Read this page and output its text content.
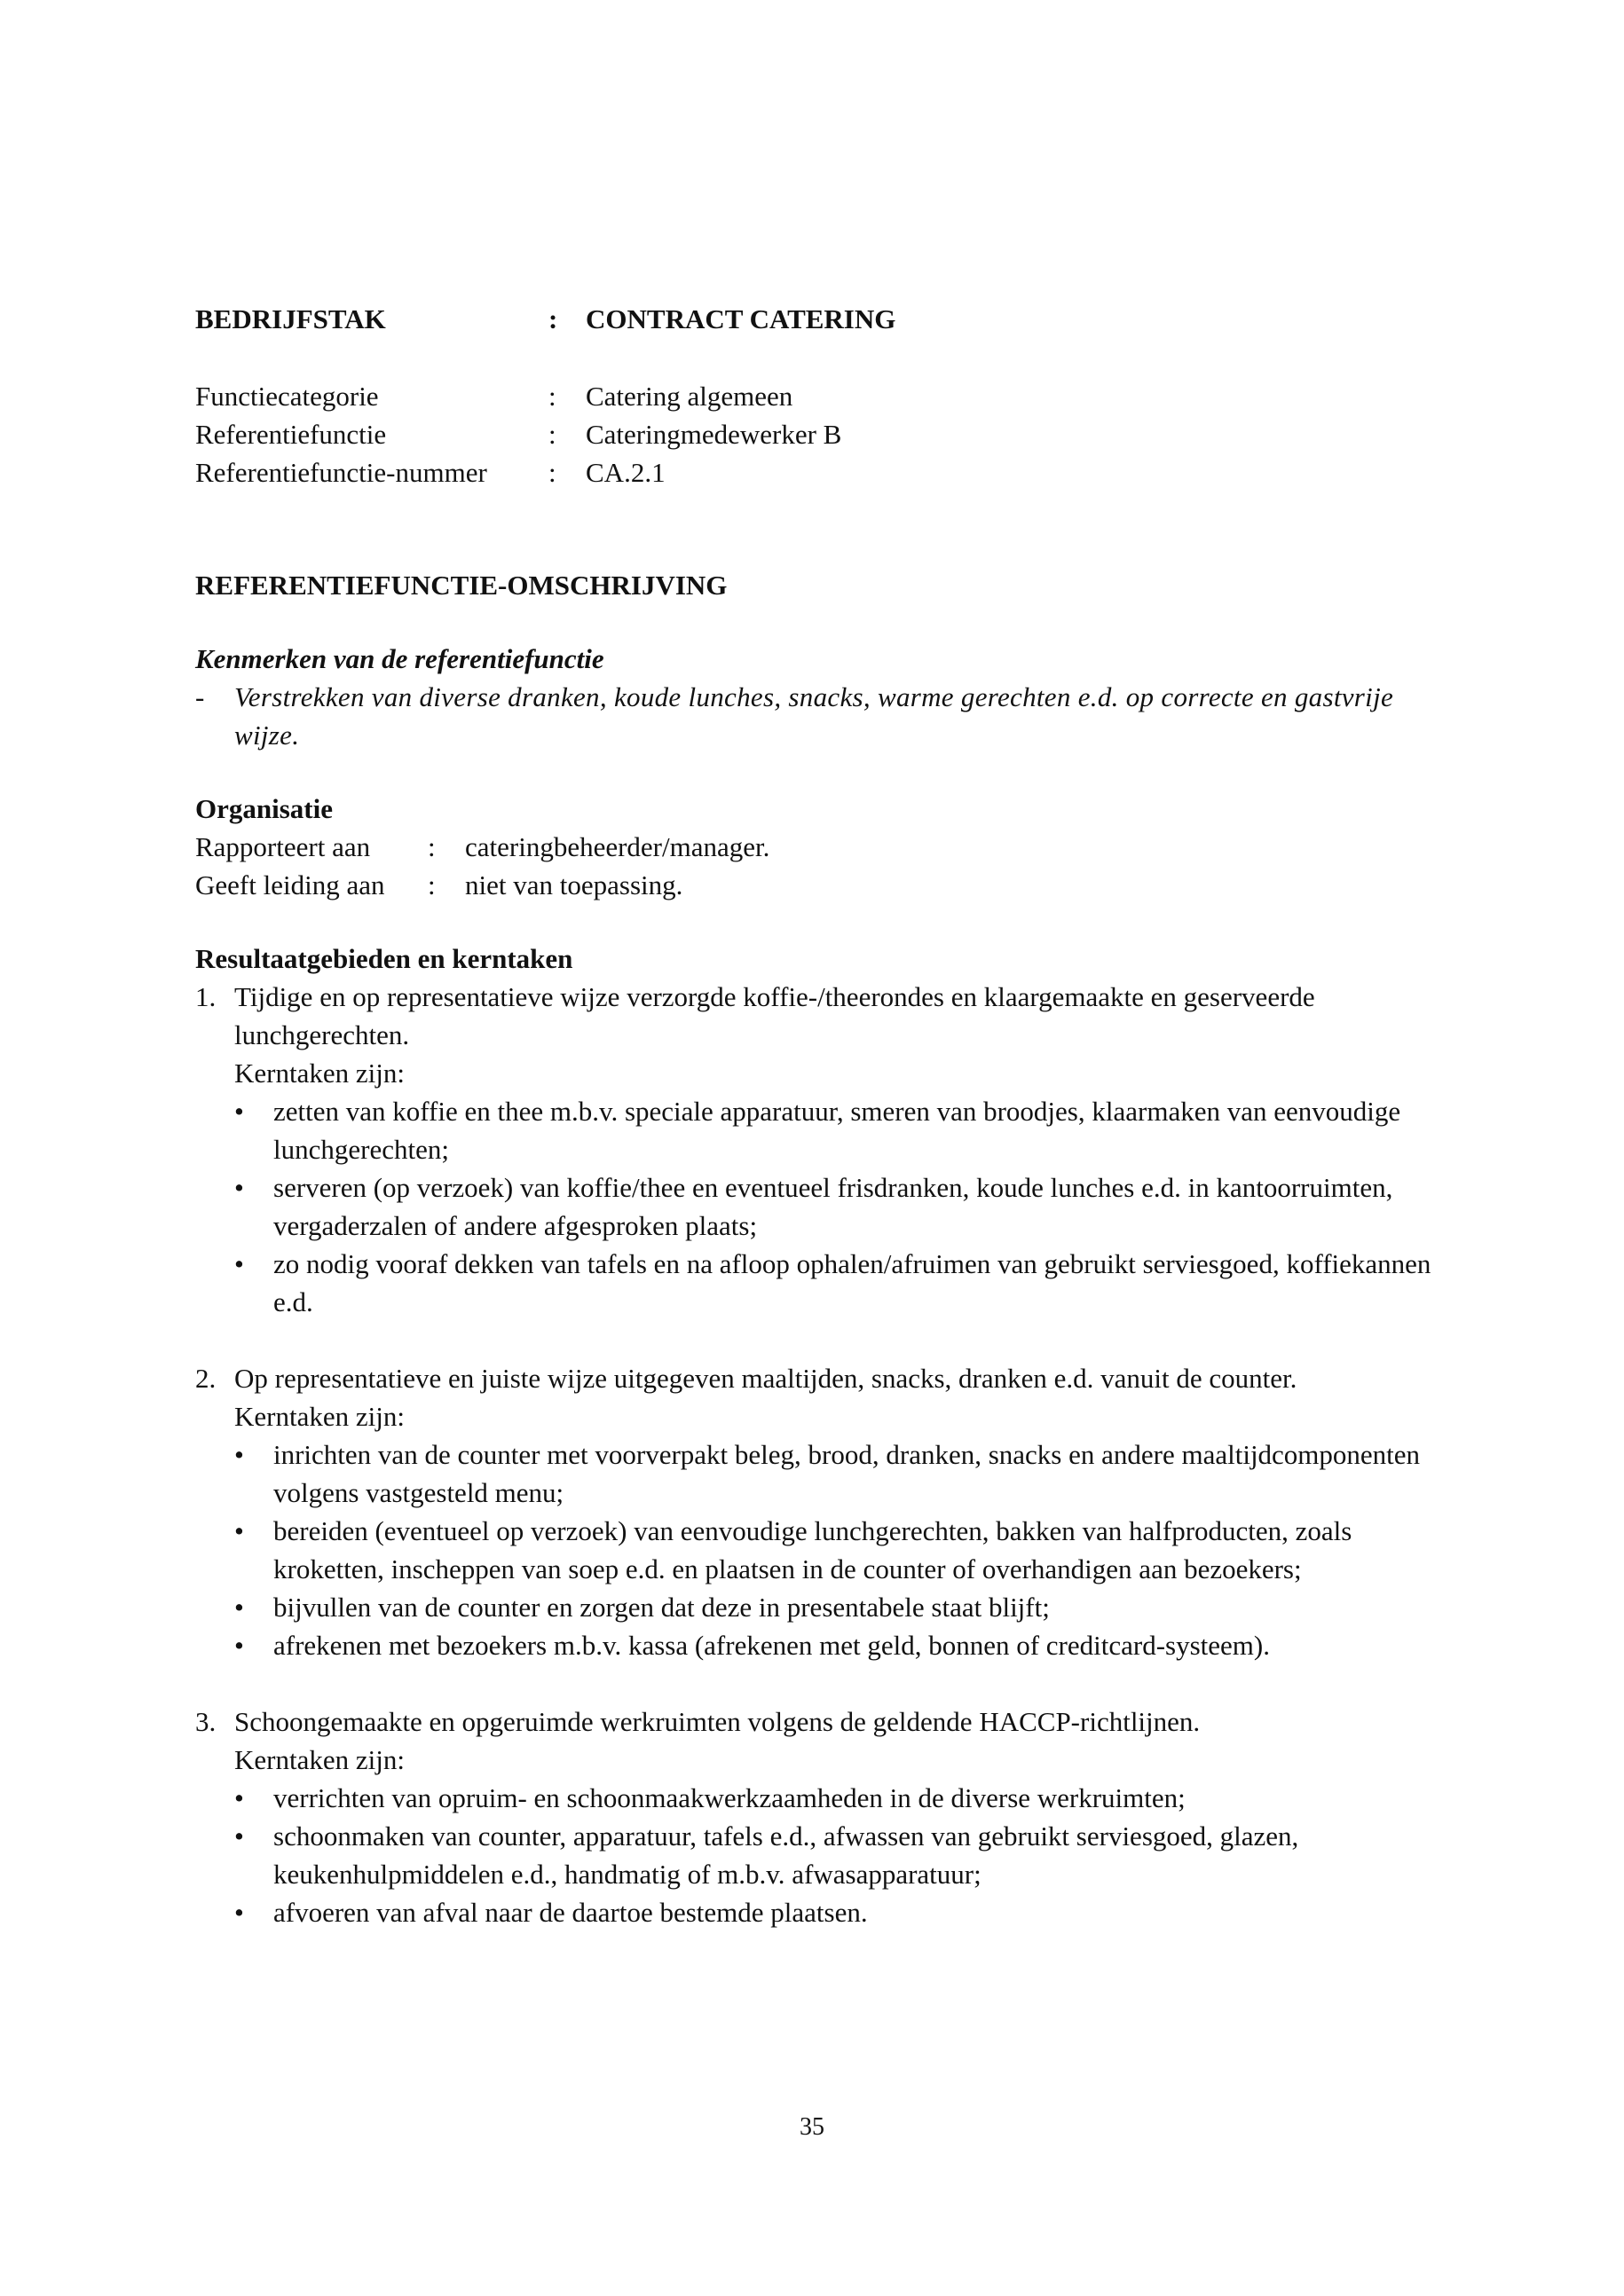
BEDRIJFSTAK	:	CONTRACT CATERING
Functiecategorie	:	Catering algemeen
Referentiefunctie	:	Cateringmedewerker B
Referentiefunctie-nummer	:	CA.2.1
REFERENTIEFUNCTIE-OMSCHRIJVING
Kenmerken van de referentiefunctie
-	Verstrekken van diverse dranken, koude lunches, snacks, warme gerechten e.d. op correcte en gastvrije wijze.
Organisatie
Rapporteert aan	:	cateringbeheerder/manager.
Geeft leiding aan	:	niet van toepassing.
Resultaatgebieden en kerntaken
1. Tijdige en op representatieve wijze verzorgde koffie-/theerondes en klaargemaakte en geserveerde lunchgerechten.
Kerntaken zijn:
•	zetten van koffie en thee m.b.v. speciale apparatuur, smeren van broodjes, klaarmaken van eenvoudige lunchgerechten;
•	serveren (op verzoek) van koffie/thee en eventueel frisdranken, koude lunches e.d. in kantoorruimten, vergaderzalen of andere afgesproken plaats;
•	zo nodig vooraf dekken van tafels en na afloop ophalen/afruimen van gebruikt serviesgoed, koffiekannen e.d.
2. Op representatieve en juiste wijze uitgegeven maaltijden, snacks, dranken e.d. vanuit de counter.
Kerntaken zijn:
•	inrichten van de counter met voorverpakt beleg, brood, dranken, snacks en andere maaltijdcomponenten volgens vastgesteld menu;
•	bereiden (eventueel op verzoek) van eenvoudige lunchgerechten, bakken van halfproducten, zoals kroketten, inscheppen van soep e.d. en plaatsen in de counter of overhandigen aan bezoekers;
•	bijvullen van de counter en zorgen dat deze in presentabele staat blijft;
•	afrekenen met bezoekers m.b.v. kassa (afrekenen met geld, bonnen of creditcard-systeem).
3. Schoongemaakte en opgeruimde werkruimten volgens de geldende HACCP-richtlijnen.
Kerntaken zijn:
•	verrichten van opruim- en schoonmaakwerkzaamheden in de diverse werkruimten;
•	schoonmaken van counter, apparatuur, tafels e.d., afwassen van gebruikt serviesgoed, glazen, keukenhulpmiddelen e.d., handmatig of m.b.v. afwasapparatuur;
•	afvoeren van afval naar de daartoe bestemde plaatsen.
35
